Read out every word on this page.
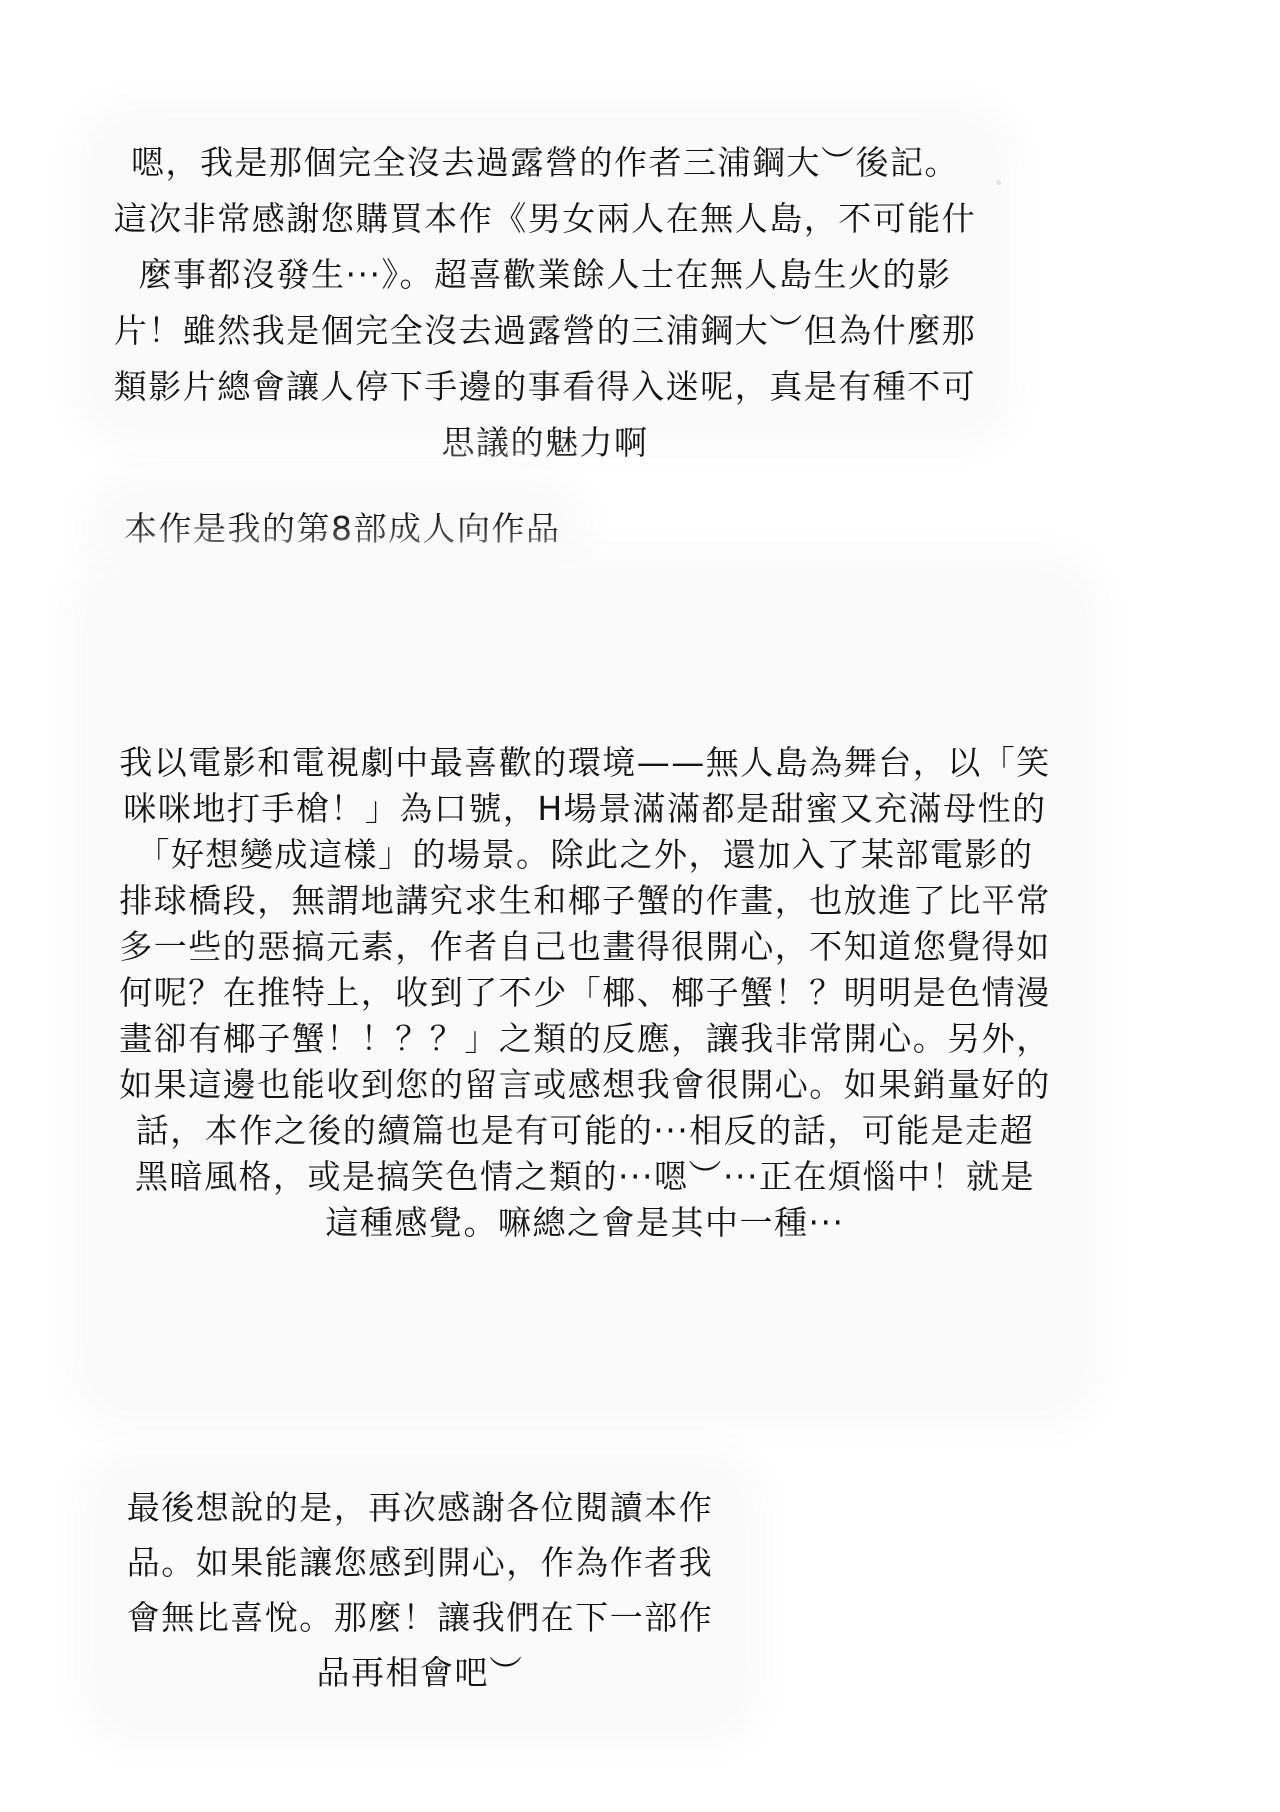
嗯，我是那個完全沒去過露營的作者三浦鋼大︶後記。

這次非常感謝您購買本作《男女兩人在無人島，不可能什

麼事都沒發生···》。超喜歡業餘人士在無人島生火的影

片！雖然我是個完全沒去過露營的三浦鋼大︶但為什麼那

類影片總會讓人停下手邊的事看得入迷呢，真是有種不可

思議的魅力啊

本作是我的第8部成人向作品

我以電影和電視劇中最喜歡的環境——無人島為舞台，以「笑

咪咪地打手槍！」為口號，H場景滿滿都是甜蜜又充滿母性的

「好想變成這樣」的場景。除此之外，還加入了某部電影的

排球橋段，無謂地講究求生和椰子蟹的作畫，也放進了比平常

多一些的惡搞元素，作者自己也畫得很開心，不知道您覺得如

何呢？在推特上，收到了不少「椰、椰子蟹！？明明是色情漫

畫卻有椰子蟹！！？？」之類的反應，讓我非常開心。另外，

如果這邊也能收到您的留言或感想我會很開心。如果銷量好的

話，本作之後的續篇也是有可能的···相反的話，可能是走超

黑暗風格，或是搞笑色情之類的···嗯︶···正在煩惱中！就是

這種感覺。嘛總之會是其中一種···

最後想說的是，再次感謝各位閱讀本作

品。如果能讓您感到開心，作為作者我

會無比喜悅。那麼！讓我們在下一部作

品再相會吧︶
